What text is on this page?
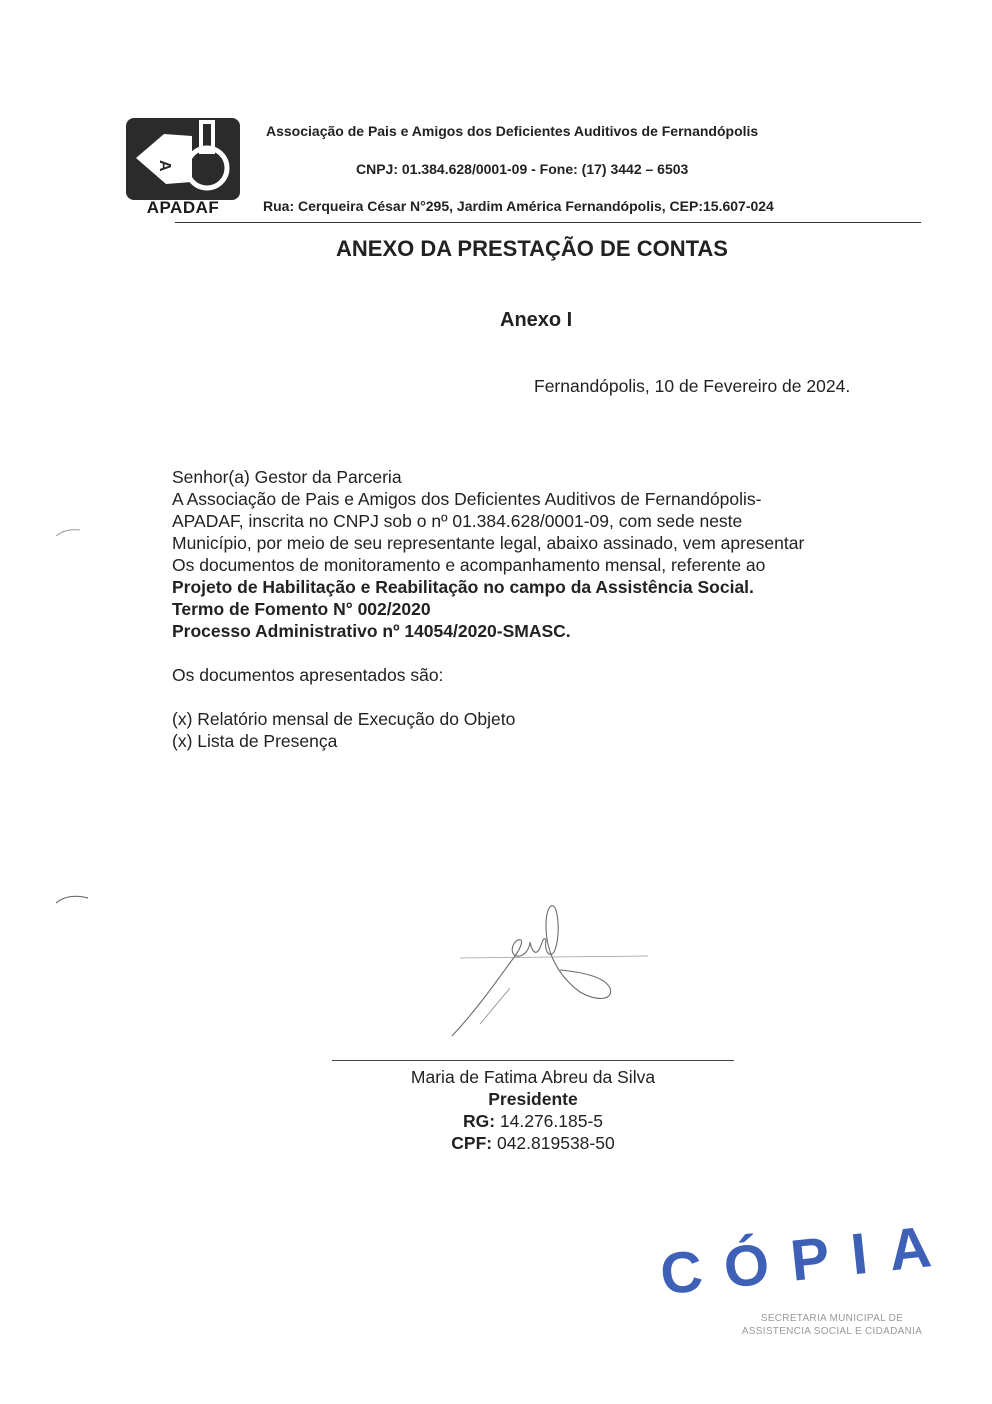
A
APADAF
Associação de Pais e Amigos dos Deficientes Auditivos de Fernandópolis
CNPJ: 01.384.628/0001-09 - Fone: (17) 3442 – 6503
Rua: Cerqueira César N°295, Jardim América Fernandópolis, CEP:15.607-024
ANEXO DA PRESTAÇÃO DE CONTAS
Anexo I
Fernandópolis, 10 de Fevereiro de 2024.
Senhor(a) Gestor da Parceria
A Associação de Pais e Amigos dos Deficientes Auditivos de Fernandópolis-
APADAF, inscrita no CNPJ sob o nº 01.384.628/0001-09, com sede neste
Município, por meio de seu representante legal, abaixo assinado, vem apresentar
Os documentos de monitoramento e acompanhamento mensal, referente ao
Projeto de Habilitação e Reabilitação no campo da Assistência Social.
Termo de Fomento N° 002/2020
Processo Administrativo nº 14054/2020-SMASC.
Os documentos apresentados são:
(x) Relatório mensal de Execução do Objeto
(x) Lista de Presença
Maria de Fatima Abreu da Silva
Presidente
RG: 14.276.185-5
CPF: 042.819538-50
CÓPIA
SECRETARIA MUNICIPAL DE
ASSISTENCIA SOCIAL E CIDADANIA
